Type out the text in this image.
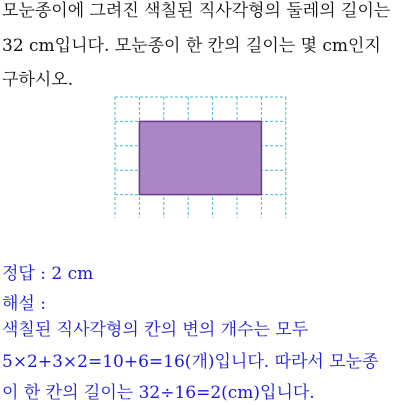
모눈종이에 그려진 색칠된 직사각형의 둘레의 길이는

32 cm입니다. 모눈종이 한 칸의 길이는 몇 cm인지

구하시오.

정답 : 2 cm

해설 :

색칠된 직사각형의 칸의 변의 개수는 모두

5×2+3×2=10+6=16(개)입니다. 따라서 모눈종

이 한 칸의 길이는 32÷16=2(cm)입니다.
